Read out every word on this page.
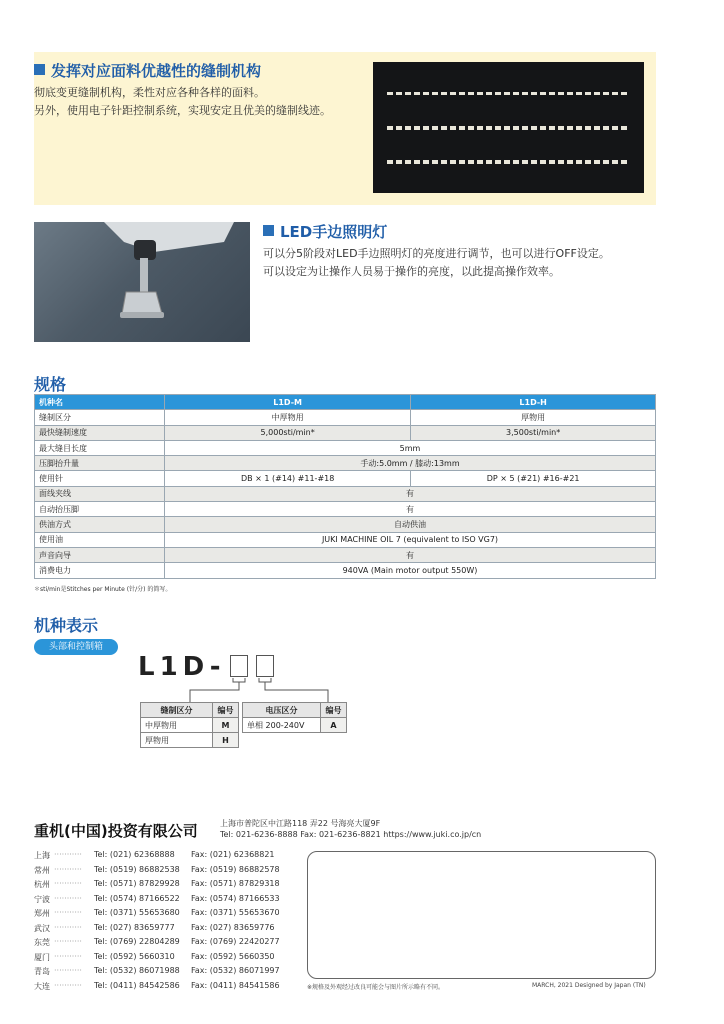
发挥对应面料优越性的缝制机构
彻底变更缝制机构，柔性对应各种各样的面料。
另外，使用电子针距控制系统，实现安定且优美的缝制线迹。
LED手边照明灯
可以分5阶段对LED手边照明灯的亮度进行调节，也可以进行OFF设定。
可以设定为让操作人员易于操作的亮度，以此提高操作效率。
规格
机种名	L1D-M	L1D-H
缝制区分	中厚物用	厚物用
最快缝制速度	5,000sti/min*	3,500sti/min*
最大缝目长度	5mm	
压脚抬升量	手动:5.0mm / 膝动:13mm	
使用针	DB × 1 (#14) #11-#18	DP × 5 (#21) #16-#21
面线夹线	有	
自动抬压脚	有	
供油方式	自动供油	
使用油	JUKI MACHINE OIL 7 (equivalent to ISO VG7)	
声音向导	有	
消费电力	940VA (Main motor output 550W)	
＊sti/min是Stitches per Minute (针/分) 的简写。
机种表示
头部和控制箱
L1D-
缝制区分	编号
中厚物用	M
厚物用	H
电压区分	编号
单相 200-240V	A
重机(中国)投资有限公司	上海市普陀区中江路118 弄22 号海亮大厦9F
Tel: 021-6236-8888 Fax: 021-6236-8821 https://www.juki.co.jp/cn
上海 ··········· Tel: (021) 62368888 Fax: (021) 62368821
常州 ··········· Tel: (0519) 86882538 Fax: (0519) 86882578
杭州 ··········· Tel: (0571) 87829928 Fax: (0571) 87829318
宁波 ··········· Tel: (0574) 87166522 Fax: (0574) 87166533
郑州 ··········· Tel: (0371) 55653680 Fax: (0371) 55653670
武汉 ··········· Tel: (027) 83659777 Fax: (027) 83659776
东莞 ··········· Tel: (0769) 22804289 Fax: (0769) 22420277
厦门 ··········· Tel: (0592) 5660310 Fax: (0592) 5660350
青岛 ··········· Tel: (0532) 86071988 Fax: (0532) 86071997
大连 ··········· Tel: (0411) 84542586 Fax: (0411) 84541586	※规格及外观经过改良可能会与图片所示略有不同。	MARCH, 2021 Designed by Japan (TN)
